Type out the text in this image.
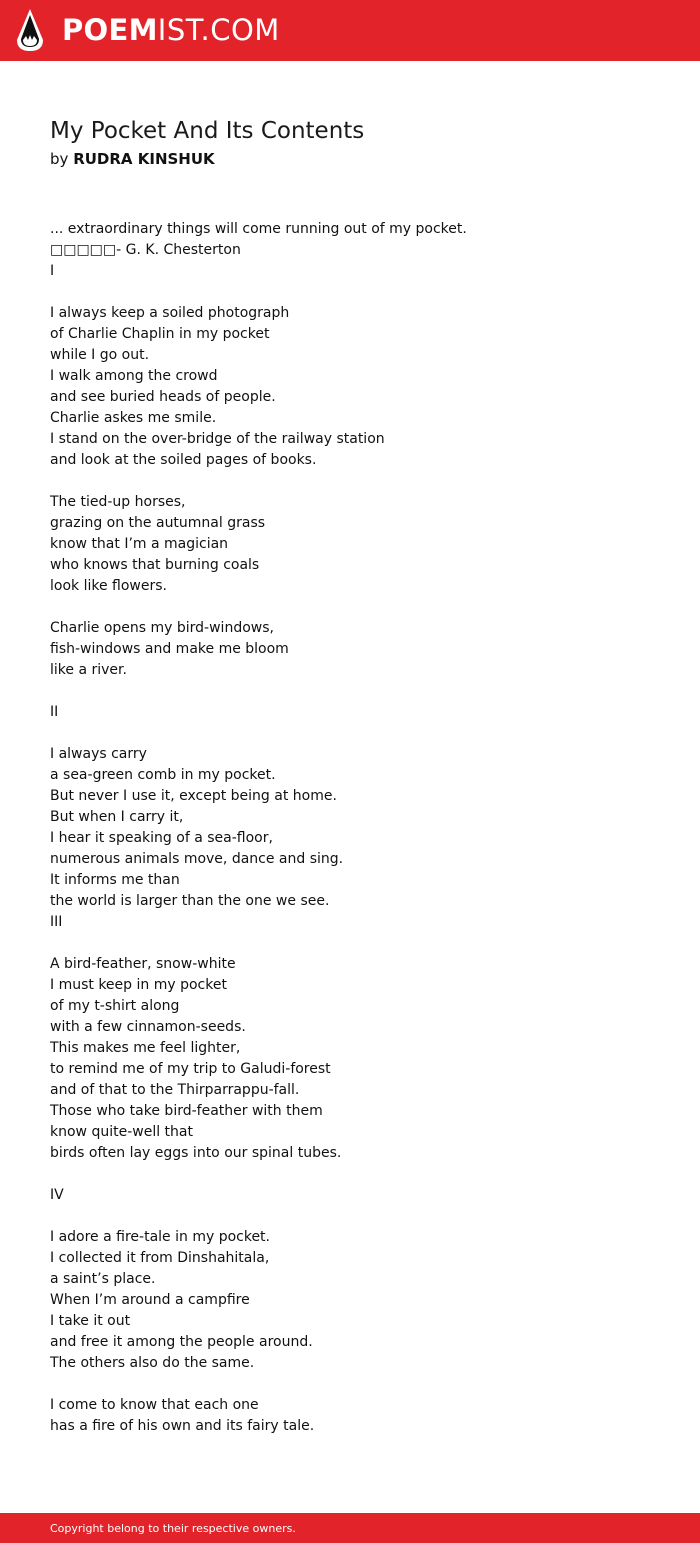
POEMIST.COM
My Pocket And Its Contents
by RUDRA KINSHUK
... extraordinary things will come running out of my pocket.
□□□□□- G. K. Chesterton
I
I always keep a soiled photograph
of Charlie Chaplin in my pocket
while I go out.
I walk among the crowd
and see buried heads of people.
Charlie askes me smile.
I stand on the over-bridge of the railway station
and look at the soiled pages of books.
The tied-up horses,
grazing on the autumnal grass
know that I’m a magician
who knows that burning coals
look like flowers.
Charlie opens my bird-windows,
fish-windows and make me bloom
like a river.
II
I always carry
a sea-green comb in my pocket.
But never I use it, except being at home.
But when I carry it,
I hear it speaking of a sea-floor,
numerous animals move, dance and sing.
It informs me than
the world is larger than the one we see.
III
A bird-feather, snow-white
I must keep in my pocket
of my t-shirt along
with a few cinnamon-seeds.
This makes me feel lighter,
to remind me of my trip to Galudi-forest
and of that to the Thirparrappu-fall.
Those who take bird-feather with them
know quite-well that
birds often lay eggs into our spinal tubes.
IV
I adore a fire-tale in my pocket.
I collected it from Dinshahitala,
a saint’s place.
When I’m around a campfire
I take it out
and free it among the people around.
The others also do the same.
I come to know that each one
has a fire of his own and its fairy tale.
Copyright belong to their respective owners.
